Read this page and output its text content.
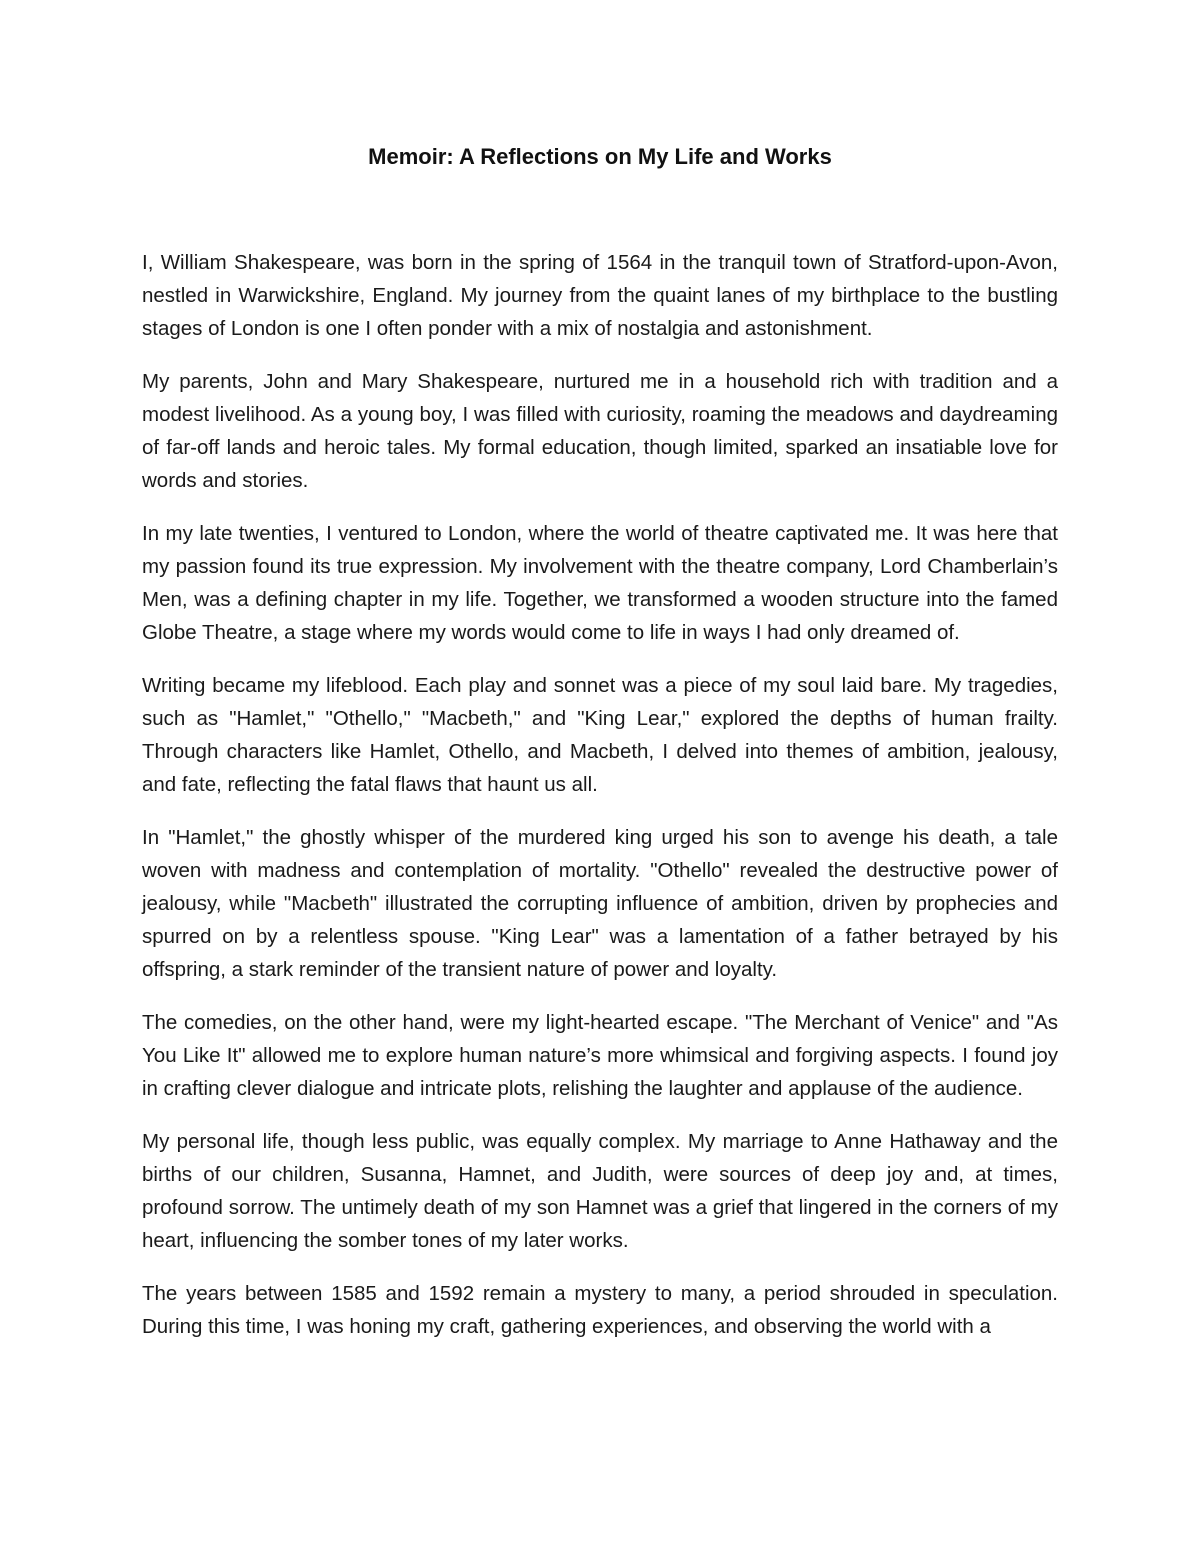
Memoir: A Reflections on My Life and Works

I, William Shakespeare, was born in the spring of 1564 in the tranquil town of Stratford-upon-Avon, nestled in Warwickshire, England. My journey from the quaint lanes of my birthplace to the bustling stages of London is one I often ponder with a mix of nostalgia and astonishment.

My parents, John and Mary Shakespeare, nurtured me in a household rich with tradition and a modest livelihood. As a young boy, I was filled with curiosity, roaming the meadows and daydreaming of far-off lands and heroic tales. My formal education, though limited, sparked an insatiable love for words and stories.

In my late twenties, I ventured to London, where the world of theatre captivated me. It was here that my passion found its true expression. My involvement with the theatre company, Lord Chamberlain’s Men, was a defining chapter in my life. Together, we transformed a wooden structure into the famed Globe Theatre, a stage where my words would come to life in ways I had only dreamed of.

Writing became my lifeblood. Each play and sonnet was a piece of my soul laid bare. My tragedies, such as "Hamlet," "Othello," "Macbeth," and "King Lear," explored the depths of human frailty. Through characters like Hamlet, Othello, and Macbeth, I delved into themes of ambition, jealousy, and fate, reflecting the fatal flaws that haunt us all.

In "Hamlet," the ghostly whisper of the murdered king urged his son to avenge his death, a tale woven with madness and contemplation of mortality. "Othello" revealed the destructive power of jealousy, while "Macbeth" illustrated the corrupting influence of ambition, driven by prophecies and spurred on by a relentless spouse. "King Lear" was a lamentation of a father betrayed by his offspring, a stark reminder of the transient nature of power and loyalty.

The comedies, on the other hand, were my light-hearted escape. "The Merchant of Venice" and "As You Like It" allowed me to explore human nature’s more whimsical and forgiving aspects. I found joy in crafting clever dialogue and intricate plots, relishing the laughter and applause of the audience.

My personal life, though less public, was equally complex. My marriage to Anne Hathaway and the births of our children, Susanna, Hamnet, and Judith, were sources of deep joy and, at times, profound sorrow. The untimely death of my son Hamnet was a grief that lingered in the corners of my heart, influencing the somber tones of my later works.

The years between 1585 and 1592 remain a mystery to many, a period shrouded in speculation. During this time, I was honing my craft, gathering experiences, and observing the world with a
